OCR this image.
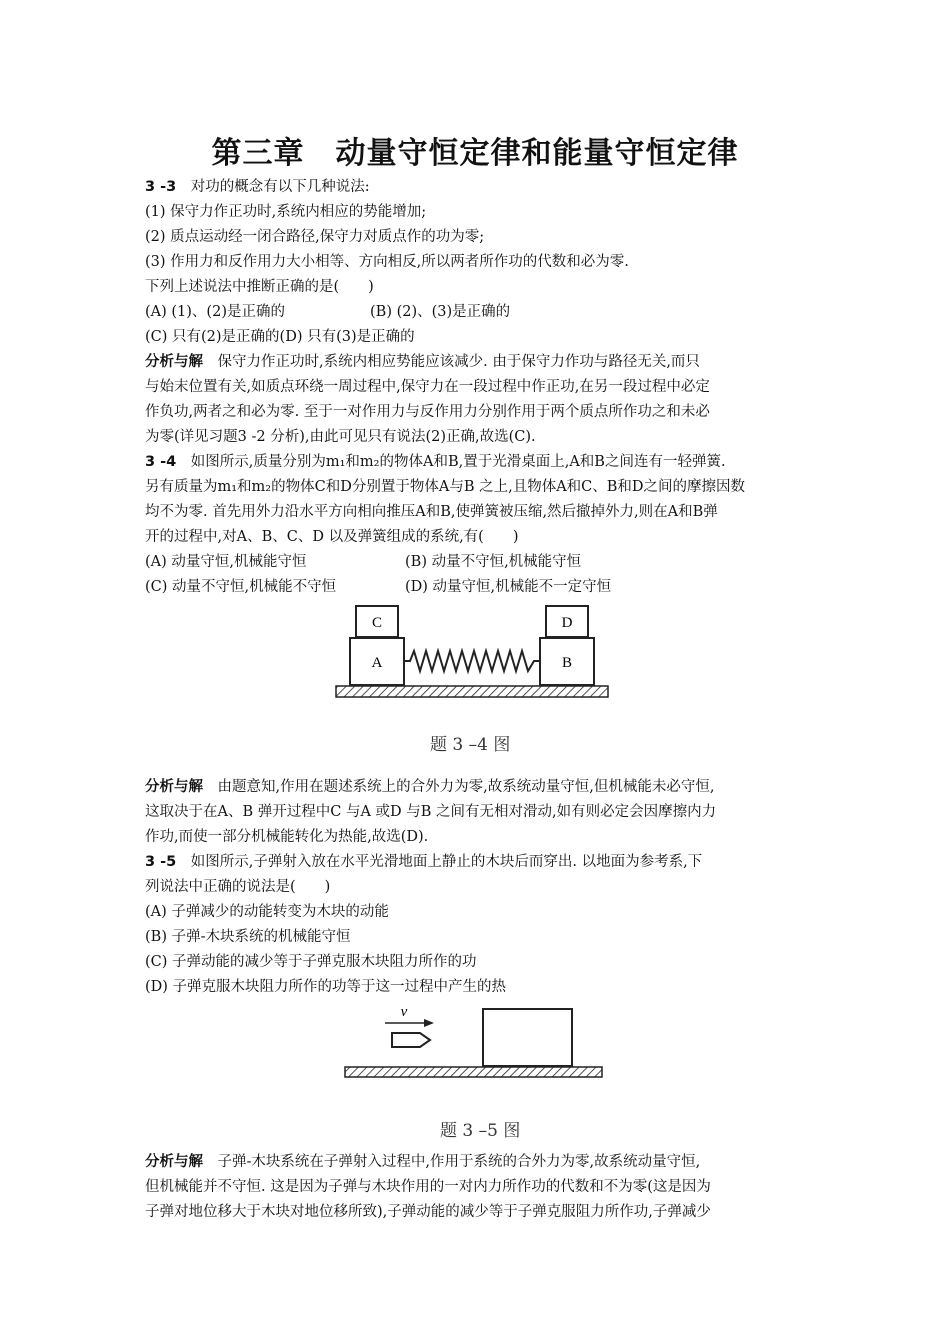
第三章　动量守恒定律和能量守恒定律
3 -3　 对功的概念有以下几种说法:
(1) 保守力作正功时,系统内相应的势能增加;
(2) 质点运动经一闭合路径,保守力对质点作的功为零;
(3) 作用力和反作用力大小相等、方向相反,所以两者所作功的代数和必为零.
下列上述说法中推断正确的是(　　)
(A) (1)、(2)是正确的	(B) (2)、(3)是正确的
(C) 只有(2)是正确的(D) 只有(3)是正确的
分析与解　 保守力作正功时,系统内相应势能应该减少. 由于保守力作功与路径无关,而只
与始末位置有关,如质点环绕一周过程中,保守力在一段过程中作正功,在另一段过程中必定
作负功,两者之和必为零. 至于一对作用力与反作用力分别作用于两个质点所作功之和未必
为零(详见习题3 -2 分析),由此可见只有说法(2)正确,故选(C).
3 -4　 如图所示,质量分别为m₁和m₂的物体A和B,置于光滑桌面上,A和B之间连有一轻弹簧.
另有质量为m₁和m₂的物体C和D分别置于物体A与B 之上,且物体A和C、B和D之间的摩擦因数
均不为零. 首先用外力沿水平方向相向推压A和B,使弹簧被压缩,然后撤掉外力,则在A和B弹
开的过程中,对A、B、C、D 以及弹簧组成的系统,有(　　)
(A) 动量守恒,机械能守恒	(B) 动量不守恒,机械能守恒
(C) 动量不守恒,机械能不守恒	(D) 动量守恒,机械能不一定守恒
A
C
B
D
题 3 –4 图
分析与解　 由题意知,作用在题述系统上的合外力为零,故系统动量守恒,但机械能未必守恒,
这取决于在A、B 弹开过程中C 与A 或D 与B 之间有无相对滑动,如有则必定会因摩擦内力
作功,而使一部分机械能转化为热能,故选(D).
3 -5　 如图所示,子弹射入放在水平光滑地面上静止的木块后而穿出. 以地面为参考系,下
列说法中正确的说法是(　　)
(A) 子弹减少的动能转变为木块的动能
(B) 子弹-木块系统的机械能守恒
(C) 子弹动能的减少等于子弹克服木块阻力所作的功
(D) 子弹克服木块阻力所作的功等于这一过程中产生的热
v
题 3 –5 图
分析与解　 子弹-木块系统在子弹射入过程中,作用于系统的合外力为零,故系统动量守恒,
但机械能并不守恒. 这是因为子弹与木块作用的一对内力所作功的代数和不为零(这是因为
子弹对地位移大于木块对地位移所致),子弹动能的减少等于子弹克服阻力所作功,子弹减少
